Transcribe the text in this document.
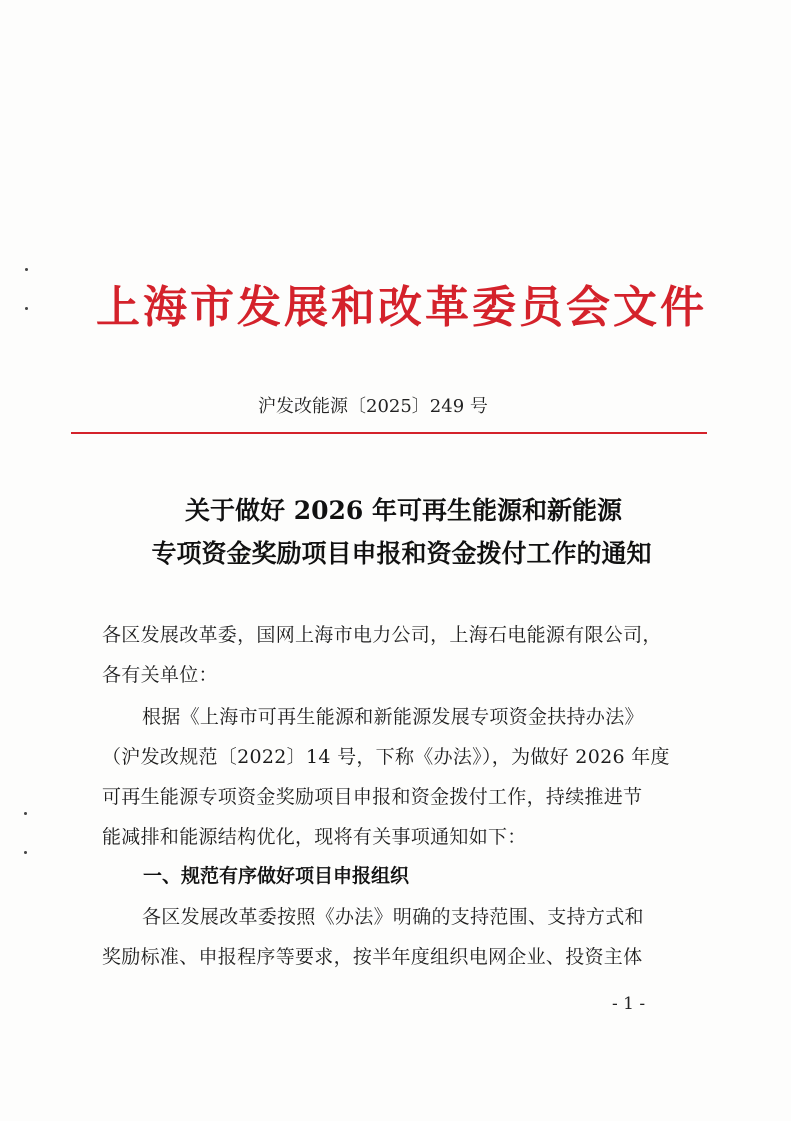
上海市发展和改革委员会文件
沪发改能源〔2025〕249 号
关于做好 2026 年可再生能源和新能源
专项资金奖励项目申报和资金拨付工作的通知
各区发展改革委，国网上海市电力公司，上海石电能源有限公司，
各有关单位：
根据《上海市可再生能源和新能源发展专项资金扶持办法》
（沪发改规范〔2022〕14 号，下称《办法》），为做好 2026 年度
可再生能源专项资金奖励项目申报和资金拨付工作，持续推进节
能减排和能源结构优化，现将有关事项通知如下：
一、规范有序做好项目申报组织
各区发展改革委按照《办法》明确的支持范围、支持方式和
奖励标准、申报程序等要求，按半年度组织电网企业、投资主体
- 1 -
